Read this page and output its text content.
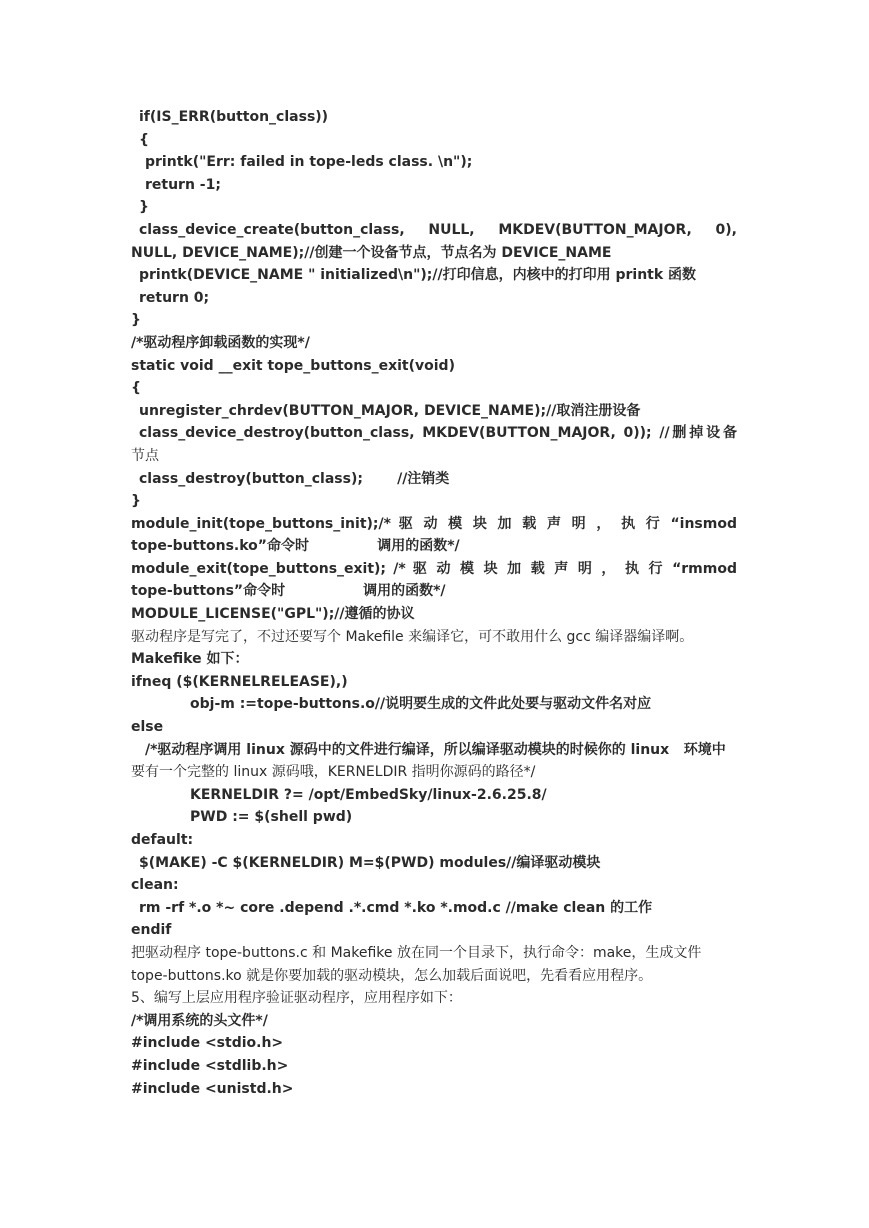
if(IS_ERR(button_class))
{
printk("Err: failed in tope-leds class. \n");
return -1;
}
class_device_create(button_class, NULL, MKDEV(BUTTON_MAJOR, 0),
NULL, DEVICE_NAME);//创建一个设备节点，节点名为 DEVICE_NAME
printk(DEVICE_NAME " initialized\n");//打印信息，内核中的打印用 printk 函数
return 0;
}
/*驱动程序卸载函数的实现*/
static void __exit tope_buttons_exit(void)
{
unregister_chrdev(BUTTON_MAJOR, DEVICE_NAME);//取消注册设备
class_device_destroy(button_class, MKDEV(BUTTON_MAJOR, 0)); //删掉设备
节点
class_destroy(button_class);       //注销类
}
module_init(tope_buttons_init);/* 驱 动 模 块 加 载 声 明 ， 执 行 “insmod
tope-buttons.ko”命令时              调用的函数*/
module_exit(tope_buttons_exit); /* 驱 动 模 块 加 载 声 明 ， 执 行 “rmmod
tope-buttons”命令时                调用的函数*/
MODULE_LICENSE("GPL");//遵循的协议
驱动程序是写完了，不过还要写个 Makefile 来编译它，可不敢用什么 gcc 编译器编译啊。
Makefike 如下：
ifneq ($(KERNELRELEASE),)
obj-m :=tope-buttons.o//说明要生成的文件此处要与驱动文件名对应
else
/*驱动程序调用 linux 源码中的文件进行编译，所以编译驱动模块的时候你的 linux   环境中
要有一个完整的 linux 源码哦，KERNELDIR 指明你源码的路径*/
KERNELDIR ?= /opt/EmbedSky/linux-2.6.25.8/
PWD := $(shell pwd)
default:
$(MAKE) -C $(KERNELDIR) M=$(PWD) modules//编译驱动模块
clean:
rm -rf *.o *~ core .depend .*.cmd *.ko *.mod.c //make clean 的工作
endif
把驱动程序 tope-buttons.c 和 Makefike 放在同一个目录下，执行命令：make，生成文件
tope-buttons.ko 就是你要加载的驱动模块，怎么加载后面说吧，先看看应用程序。
5、编写上层应用程序验证驱动程序，应用程序如下：
/*调用系统的头文件*/
#include <stdio.h>
#include <stdlib.h>
#include <unistd.h>
